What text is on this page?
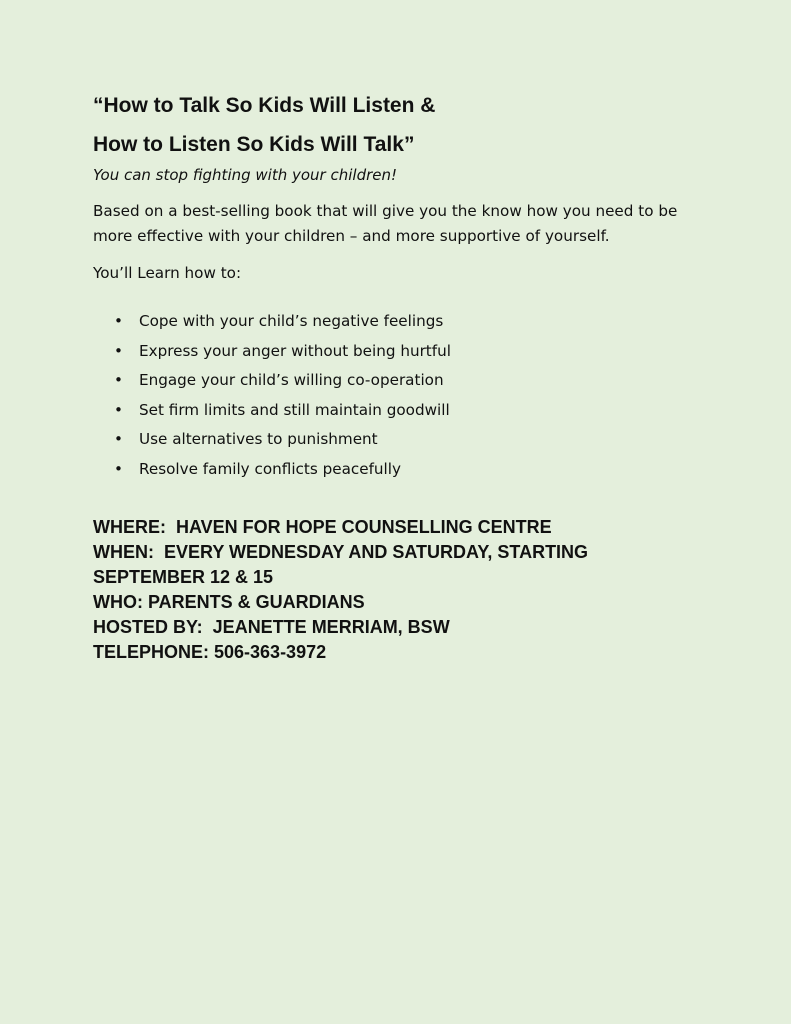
“How to Talk So Kids Will Listen &

How to Listen So Kids Will Talk”

You can stop fighting with your children!

Based on a best-selling book that will give you the know how you need to be more effective with your children – and more supportive of yourself.

You’ll Learn how to:

• Cope with your child’s negative feelings
• Express your anger without being hurtful
• Engage your child’s willing co-operation
• Set firm limits and still maintain goodwill
• Use alternatives to punishment
• Resolve family conflicts peacefully

WHERE:  HAVEN FOR HOPE COUNSELLING CENTRE

WHEN:  EVERY WEDNESDAY AND SATURDAY, STARTING

SEPTEMBER 12 & 15

WHO: PARENTS & GUARDIANS

HOSTED BY:  JEANETTE MERRIAM, BSW

TELEPHONE: 506-363-3972
